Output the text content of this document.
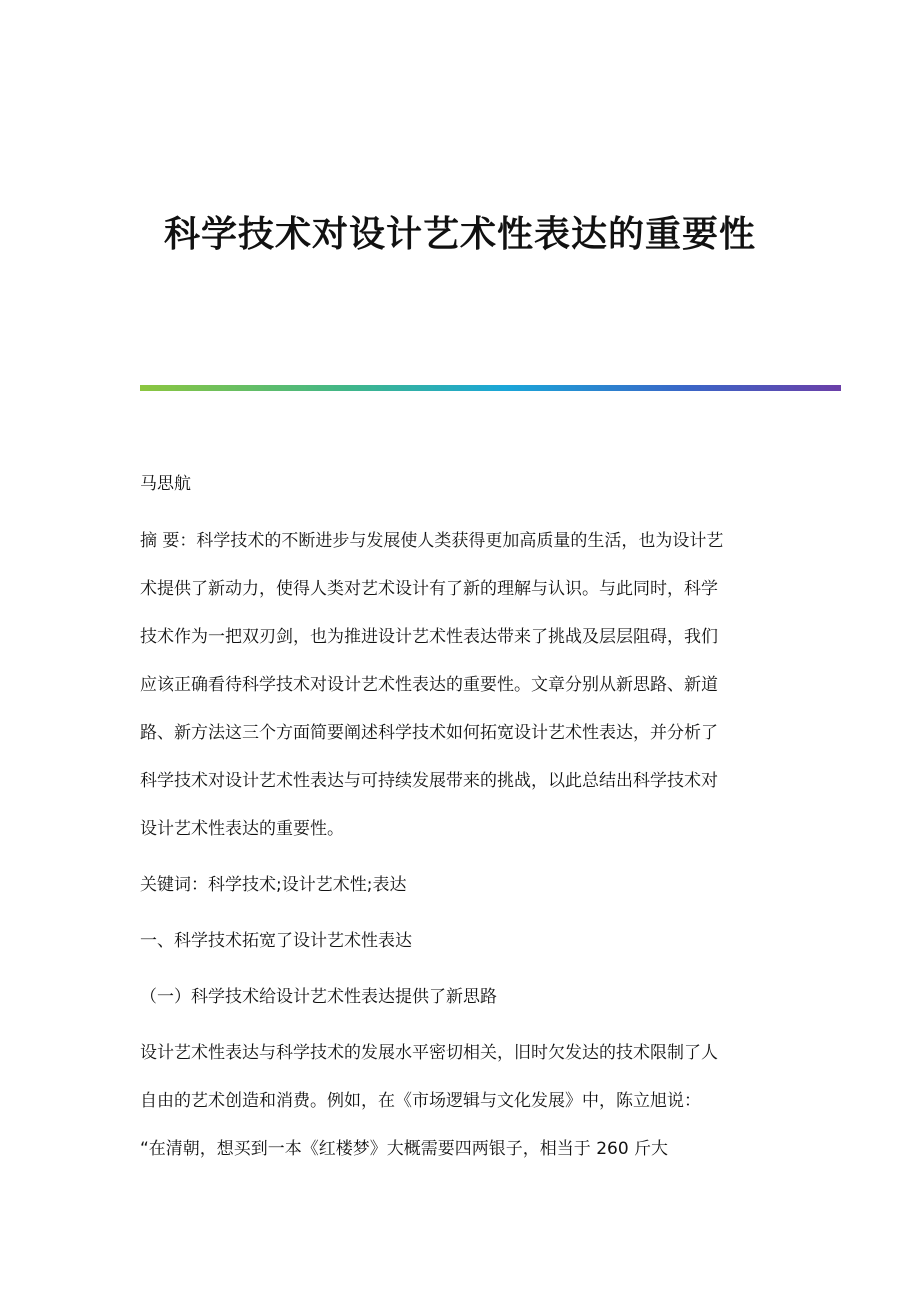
科学技术对设计艺术性表达的重要性
马思航
摘 要：科学技术的不断进步与发展使人类获得更加高质量的生活，也为设计艺
术提供了新动力，使得人类对艺术设计有了新的理解与认识。与此同时，科学
技术作为一把双刃剑，也为推进设计艺术性表达带来了挑战及层层阻碍，我们
应该正确看待科学技术对设计艺术性表达的重要性。文章分别从新思路、新道
路、新方法这三个方面简要阐述科学技术如何拓宽设计艺术性表达，并分析了
科学技术对设计艺术性表达与可持续发展带来的挑战，以此总结出科学技术对
设计艺术性表达的重要性。
关键词：科学技术;设计艺术性;表达
一、科学技术拓宽了设计艺术性表达
（一）科学技术给设计艺术性表达提供了新思路
设计艺术性表达与科学技术的发展水平密切相关，旧时欠发达的技术限制了人
自由的艺术创造和消费。例如，在《市场逻辑与文化发展》中，陈立旭说：
“在清朝，想买到一本《红楼梦》大概需要四两银子，相当于 260 斤大
